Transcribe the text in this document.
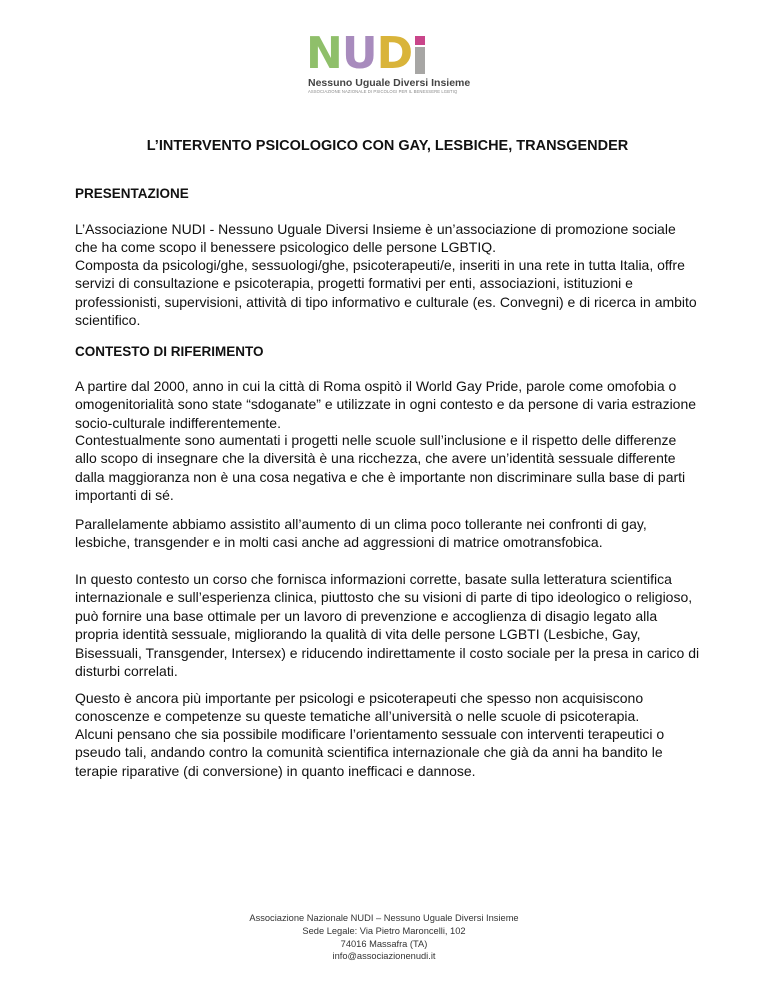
NUD
Nessuno Uguale Diversi Insieme
ASSOCIAZIONE NAZIONALE DI PSICOLOGI PER IL BENESSERE LGBTIQ
L’INTERVENTO PSICOLOGICO CON GAY, LESBICHE, TRANSGENDER
PRESENTAZIONE
L’Associazione NUDI - Nessuno Uguale Diversi Insieme è un’associazione di promozione sociale che ha come scopo il benessere psicologico delle persone LGBTIQ.
Composta da psicologi/ghe, sessuologi/ghe, psicoterapeuti/e, inseriti in una rete in tutta Italia, offre servizi di consultazione e psicoterapia, progetti formativi per enti, associazioni, istituzioni e professionisti, supervisioni, attività di tipo informativo e culturale (es. Convegni) e di ricerca in ambito scientifico.
CONTESTO DI RIFERIMENTO
A partire dal 2000, anno in cui la città di Roma ospitò il World Gay Pride, parole come omofobia o omogenitorialità sono state “sdoganate” e utilizzate in ogni contesto e da persone di varia estrazione socio-culturale indifferentemente.
Contestualmente sono aumentati i progetti nelle scuole sull’inclusione e il rispetto delle differenze allo scopo di insegnare che la diversità è una ricchezza, che avere un’identità sessuale differente dalla maggioranza non è una cosa negativa e che è importante non discriminare sulla base di parti importanti di sé.
Parallelamente abbiamo assistito all’aumento di un clima poco tollerante nei confronti di gay, lesbiche, transgender e in molti casi anche ad aggressioni di matrice omotransfobica.
In questo contesto un corso che fornisca informazioni corrette, basate sulla letteratura scientifica internazionale e sull’esperienza clinica, piuttosto che su visioni di parte di tipo ideologico o religioso, può fornire una base ottimale per un lavoro di prevenzione e accoglienza di disagio legato alla propria identità sessuale, migliorando la qualità di vita delle persone LGBTI (Lesbiche, Gay, Bisessuali, Transgender, Intersex) e riducendo indirettamente il costo sociale per la presa in carico di disturbi correlati.
Questo è ancora più importante per psicologi e psicoterapeuti che spesso non acquisiscono conoscenze e competenze su queste tematiche all’università o nelle scuole di psicoterapia.
Alcuni pensano che sia possibile modificare l’orientamento sessuale con interventi terapeutici o pseudo tali, andando contro la comunità scientifica internazionale che già da anni ha bandito le terapie riparative (di conversione) in quanto inefficaci e dannose.
Associazione Nazionale NUDI – Nessuno Uguale Diversi Insieme
Sede Legale: Via Pietro Maroncelli, 102
74016 Massafra (TA)
info@associazionenudi.it
